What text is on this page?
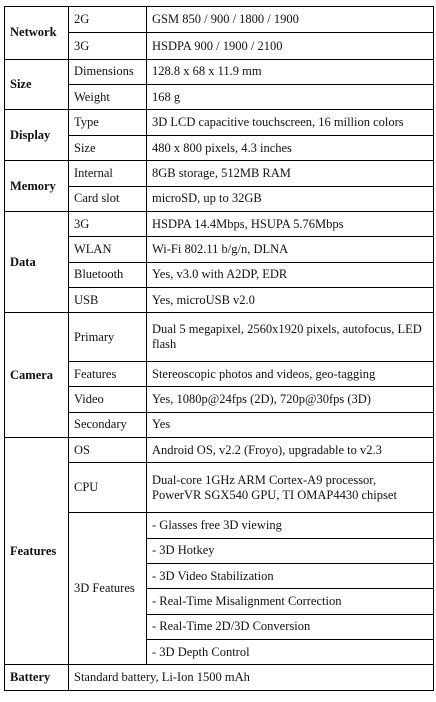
Network	2G	GSM 850 / 900 / 1800 / 1900
	3G	HSDPA 900 / 1900 / 2100
Size	Dimensions	128.8 x 68 x 11.9 mm
	Weight	168 g
Display	Type	3D LCD capacitive touchscreen, 16 million colors
	Size	480 x 800 pixels, 4.3 inches
Memory	Internal	8GB storage, 512MB RAM
	Card slot	microSD, up to 32GB
Data	3G	HSDPA 14.4Mbps, HSUPA 5.76Mbps
	WLAN	Wi-Fi 802.11 b/g/n, DLNA
	Bluetooth	Yes, v3.0 with A2DP, EDR
	USB	Yes, microUSB v2.0
Camera	Primary	Dual 5 megapixel, 2560x1920 pixels, autofocus, LED flash
	Features	Stereoscopic photos and videos, geo-tagging
	Video	Yes, 1080p@24fps (2D), 720p@30fps (3D)
	Secondary	Yes
Features	OS	Android OS, v2.2 (Froyo), upgradable to v2.3
	CPU	Dual-core 1GHz ARM Cortex-A9 processor, PowerVR SGX540 GPU, TI OMAP4430 chipset
	3D Features	- Glasses free 3D viewing
		- 3D Hotkey
		- 3D Video Stabilization
		- Real-Time Misalignment Correction
		- Real-Time 2D/3D Conversion
		- 3D Depth Control
Battery	Standard battery, Li-Ion 1500 mAh	
